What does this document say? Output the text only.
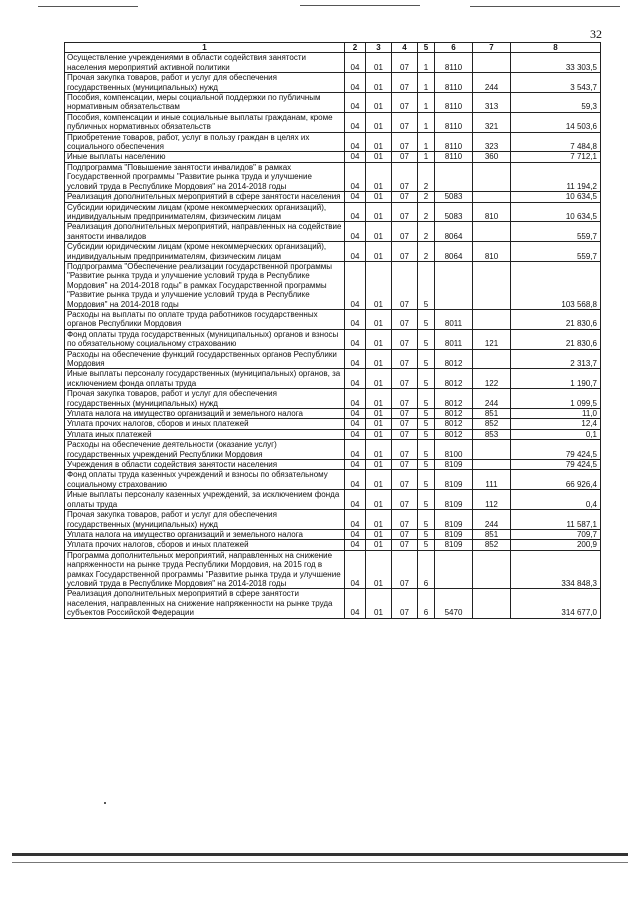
32
1	2	3	4	5	6	7	8
Осуществление учреждениями в области содействия занятости населения мероприятий активной политики	04	01	07	1	8110		33 303,5
Прочая закупка товаров, работ и услуг для обеспечения государственных (муниципальных) нужд	04	01	07	1	8110	244	3 543,7
Пособия, компенсации, меры социальной поддержки по публичным нормативным обязательствам	04	01	07	1	8110	313	59,3
Пособия, компенсации и иные социальные выплаты гражданам, кроме публичных нормативных обязательств	04	01	07	1	8110	321	14 503,6
Приобретение товаров, работ, услуг в пользу граждан в целях их социального обеспечения	04	01	07	1	8110	323	7 484,8
Иные выплаты населению	04	01	07	1	8110	360	7 712,1
Подпрограмма "Повышение занятости инвалидов" в рамках Государственной программы "Развитие рынка труда и улучшение условий труда в Республике Мордовия" на 2014-2018 годы	04	01	07	2			11 194,2
Реализация дополнительных мероприятий в сфере занятости населения	04	01	07	2	5083		10 634,5
Субсидии юридическим лицам (кроме некоммерческих организаций), индивидуальным предпринимателям, физическим лицам	04	01	07	2	5083	810	10 634,5
Реализация дополнительных мероприятий, направленных на содействие занятости инвалидов	04	01	07	2	8064		559,7
Субсидии юридическим лицам (кроме некоммерческих организаций), индивидуальным предпринимателям, физическим лицам	04	01	07	2	8064	810	559,7
Подпрограмма "Обеспечение реализации государственной программы "Развитие рынка труда и улучшение условий труда в Республике Мордовия" на 2014-2018 годы" в рамках Государственной программы "Развитие рынка труда и улучшение условий труда в Республике Мордовия" на 2014-2018 годы	04	01	07	5			103 568,8
Расходы на выплаты по оплате труда работников государственных органов Республики Мордовия	04	01	07	5	8011		21 830,6
Фонд оплаты труда государственных (муниципальных) органов и взносы по обязательному социальному страхованию	04	01	07	5	8011	121	21 830,6
Расходы на обеспечение функций государственных органов Республики Мордовия	04	01	07	5	8012		2 313,7
Иные выплаты персоналу государственных (муниципальных) органов, за исключением фонда оплаты труда	04	01	07	5	8012	122	1 190,7
Прочая закупка товаров, работ и услуг для обеспечения государственных (муниципальных) нужд	04	01	07	5	8012	244	1 099,5
Уплата налога на имущество организаций и земельного налога	04	01	07	5	8012	851	11,0
Уплата прочих налогов, сборов и иных платежей	04	01	07	5	8012	852	12,4
Уплата иных платежей	04	01	07	5	8012	853	0,1
Расходы на обеспечение деятельности (оказание услуг) государственных учреждений Республики Мордовия	04	01	07	5	8100		79 424,5
Учреждения в области содействия занятости населения	04	01	07	5	8109		79 424,5
Фонд оплаты труда казенных учреждений и взносы по обязательному социальному страхованию	04	01	07	5	8109	111	66 926,4
Иные выплаты персоналу казенных учреждений, за исключением фонда оплаты труда	04	01	07	5	8109	112	0,4
Прочая закупка товаров, работ и услуг для обеспечения государственных (муниципальных) нужд	04	01	07	5	8109	244	11 587,1
Уплата налога на имущество организаций и земельного налога	04	01	07	5	8109	851	709,7
Уплата прочих налогов, сборов и иных платежей	04	01	07	5	8109	852	200,9
Программа дополнительных мероприятий, направленных на снижение напряженности на рынке труда Республики Мордовия, на 2015 год в рамках Государственной программы "Развитие рынка труда и улучшение условий труда в Республике Мордовия" на 2014-2018 годы	04	01	07	6			334 848,3
Реализация дополнительных мероприятий в сфере занятости населения, направленных на снижение напряженности на рынке труда субъектов Российской Федерации	04	01	07	6	5470		314 677,0
